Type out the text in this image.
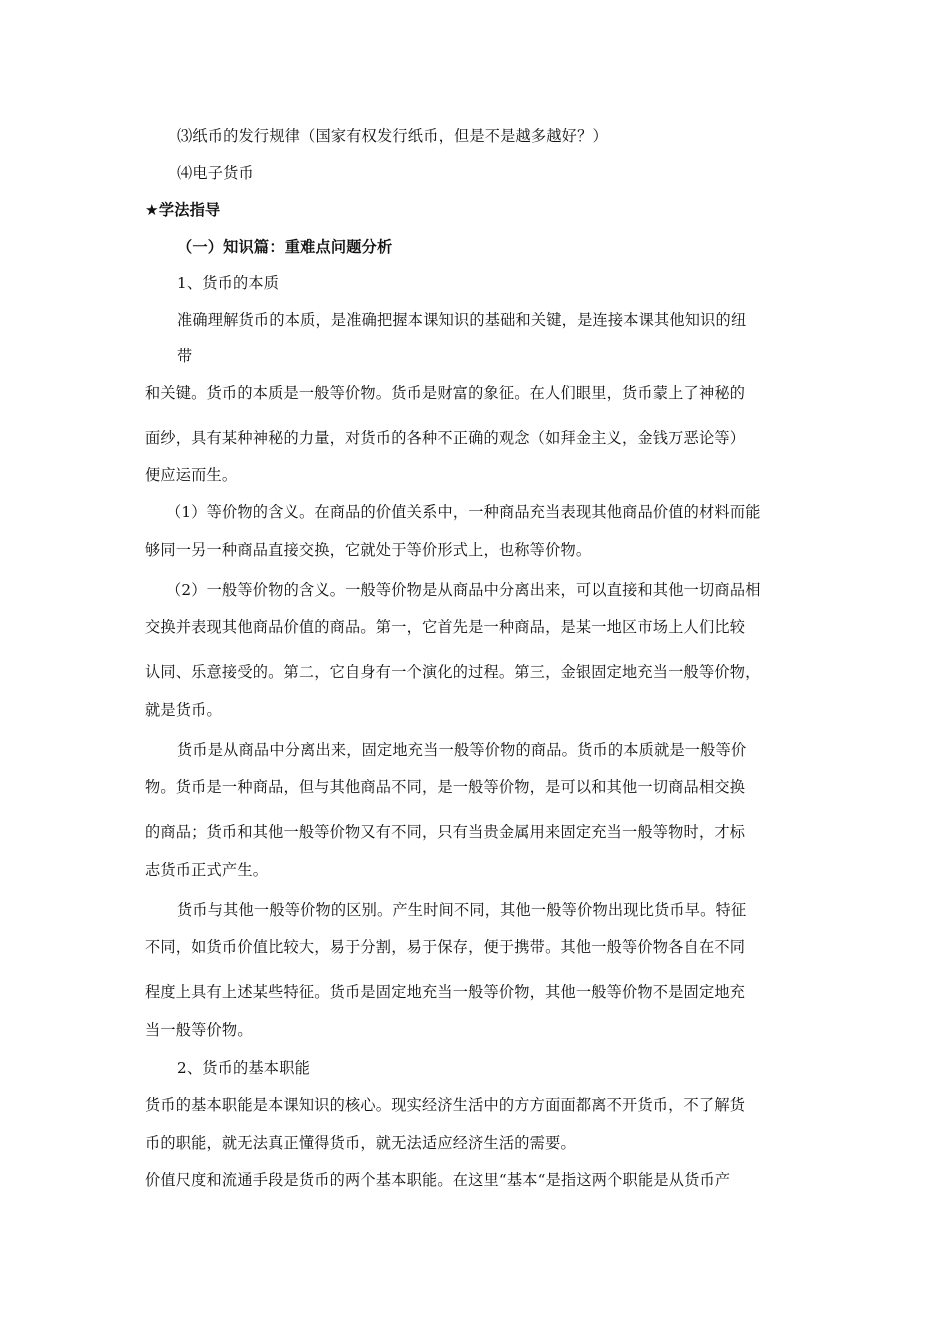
⑶纸币的发行规律（国家有权发行纸币，但是不是越多越好？）
⑷电子货币
★学法指导
（一）知识篇：重难点问题分析
1、货币的本质
准确理解货币的本质，是准确把握本课知识的基础和关键，是连接本课其他知识的纽
带
和关键。货币的本质是一般等价物。货币是财富的象征。在人们眼里，货币蒙上了神秘的
面纱，具有某种神秘的力量，对货币的各种不正确的观念（如拜金主义，金钱万恶论等）
便应运而生。
（1）等价物的含义。在商品的价值关系中，一种商品充当表现其他商品价值的材料而能
够同一另一种商品直接交换，它就处于等价形式上，也称等价物。
（2）一般等价物的含义。一般等价物是从商品中分离出来，可以直接和其他一切商品相
交换并表现其他商品价值的商品。第一，它首先是一种商品，是某一地区市场上人们比较
认同、乐意接受的。第二，它自身有一个演化的过程。第三，金银固定地充当一般等价物，
就是货币。
货币是从商品中分离出来，固定地充当一般等价物的商品。货币的本质就是一般等价
物。货币是一种商品，但与其他商品不同，是一般等价物，是可以和其他一切商品相交换
的商品；货币和其他一般等价物又有不同，只有当贵金属用来固定充当一般等物时，才标
志货币正式产生。
货币与其他一般等价物的区别。产生时间不同，其他一般等价物出现比货币早。特征
不同，如货币价值比较大，易于分割，易于保存，便于携带。其他一般等价物各自在不同
程度上具有上述某些特征。货币是固定地充当一般等价物，其他一般等价物不是固定地充
当一般等价物。
2、货币的基本职能
货币的基本职能是本课知识的核心。现实经济生活中的方方面面都离不开货币，不了解货
币的职能，就无法真正懂得货币，就无法适应经济生活的需要。
价值尺度和流通手段是货币的两个基本职能。在这里“基本“是指这两个职能是从货币产
